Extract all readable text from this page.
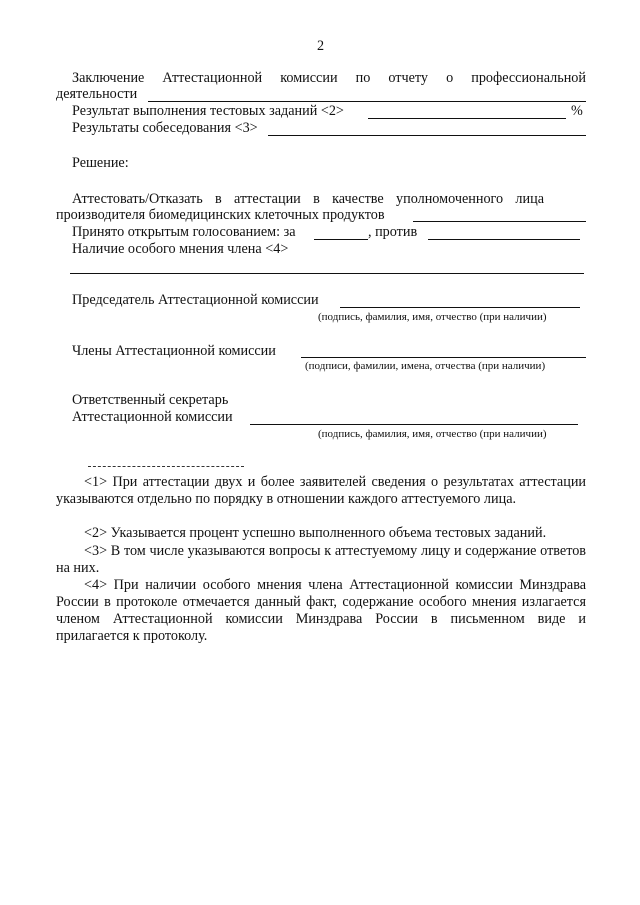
2
Заключение Аттестационной комиссии по отчету о профессиональной
деятельности
Результат выполнения тестовых заданий <2>	%
Результаты собеседования <3>
Решение:
Аттестовать/Отказать в аттестации в качестве уполномоченного лица
производителя биомедицинских клеточных продуктов
Принято открытым голосованием: за	, против
Наличие особого мнения члена <4>
Председатель Аттестационной комиссии
(подпись, фамилия, имя, отчество (при наличии)
Члены Аттестационной комиссии
(подписи, фамилии, имена, отчества (при наличии)
Ответственный секретарь
Аттестационной комиссии
(подпись, фамилия, имя, отчество (при наличии)
<1> При аттестации двух и более заявителей сведения о результатах аттестации указываются отдельно по порядку в отношении каждого аттестуемого лица.
<2> Указывается процент успешно выполненного объема тестовых заданий.
<3> В том числе указываются вопросы к аттестуемому лицу и содержание ответов на них.
<4> При наличии особого мнения члена Аттестационной комиссии Минздрава России в протоколе отмечается данный факт, содержание особого мнения излагается членом Аттестационной комиссии Минздрава России в письменном виде и прилагается к протоколу.
